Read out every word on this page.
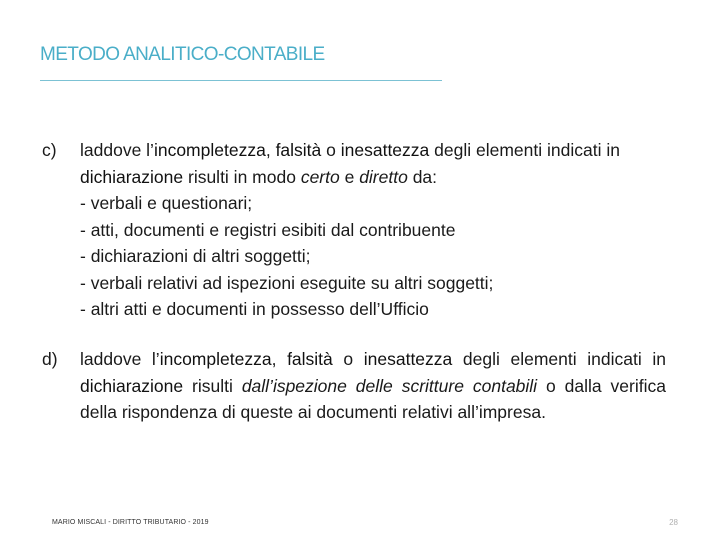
METODO ANALITICO-CONTABILE
c) laddove l’incompletezza, falsità o inesattezza degli elementi indicati in dichiarazione risulti in modo certo e diretto da:
- verbali e questionari;
- atti, documenti e registri esibiti dal contribuente
- dichiarazioni di altri soggetti;
- verbali relativi ad ispezioni eseguite su altri soggetti;
- altri atti e documenti in possesso dell’Ufficio
d) laddove l’incompletezza, falsità o inesattezza degli elementi indicati in dichiarazione risulti dall’ispezione delle scritture contabili o dalla verifica della rispondenza di queste ai documenti relativi all’impresa.
MARIO MISCALI - DIRITTO TRIBUTARIO - 2019	28
